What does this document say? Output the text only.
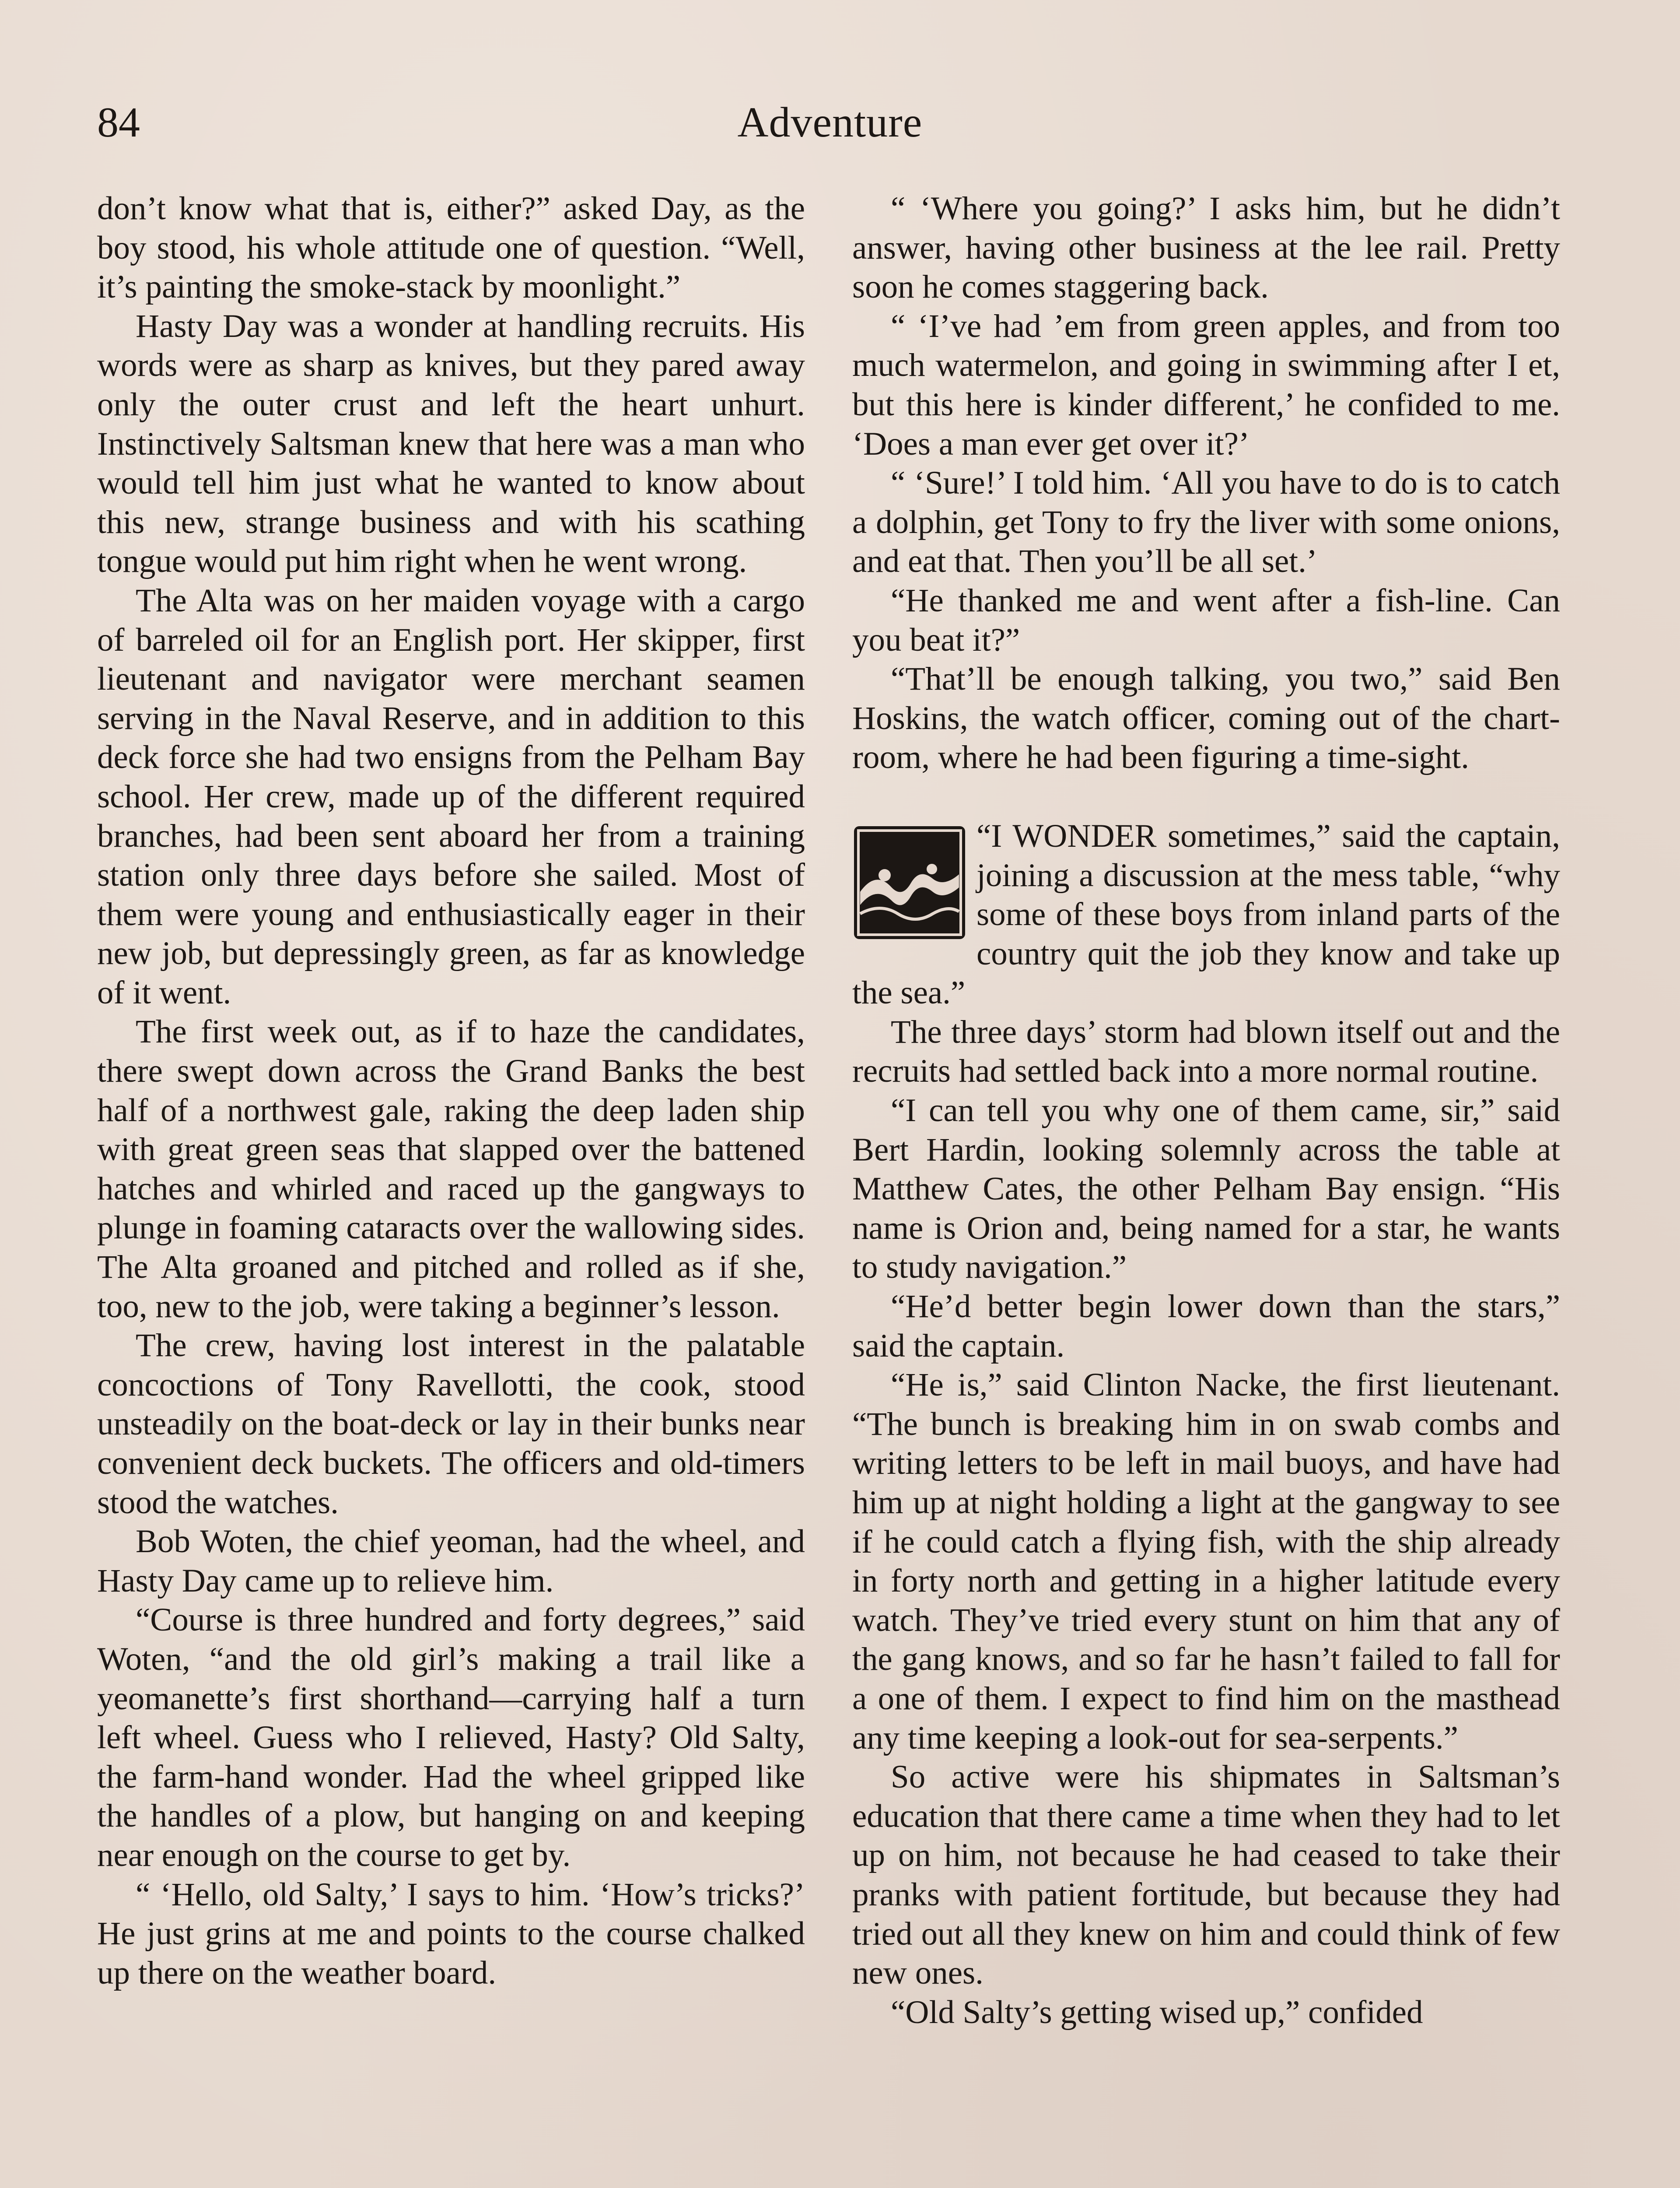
84	Adventure

don’t know what that is, either?” asked Day, as the boy stood, his whole attitude one of question. “Well, it’s painting the smoke-stack by moonlight.”

Hasty Day was a wonder at handling recruits. His words were as sharp as knives, but they pared away only the outer crust and left the heart unhurt. Instinctively Saltsman knew that here was a man who would tell him just what he wanted to know about this new, strange business and with his scathing tongue would put him right when he went wrong.

The Alta was on her maiden voyage with a cargo of barreled oil for an English port. Her skipper, first lieutenant and navigator were merchant seamen serving in the Naval Reserve, and in addition to this deck force she had two ensigns from the Pelham Bay school. Her crew, made up of the different required branches, had been sent aboard her from a training station only three days before she sailed. Most of them were young and enthusiastically eager in their new job, but depressingly green, as far as knowledge of it went.

The first week out, as if to haze the candidates, there swept down across the Grand Banks the best half of a northwest gale, raking the deep laden ship with great green seas that slapped over the battened hatches and whirled and raced up the gangways to plunge in foaming cataracts over the wallowing sides. The Alta groaned and pitched and rolled as if she, too, new to the job, were taking a beginner’s lesson.

The crew, having lost interest in the palatable concoctions of Tony Ravellotti, the cook, stood unsteadily on the boat-deck or lay in their bunks near convenient deck buckets. The officers and old-timers stood the watches.

Bob Woten, the chief yeoman, had the wheel, and Hasty Day came up to relieve him.

“Course is three hundred and forty degrees,” said Woten, “and the old girl’s making a trail like a yeomanette’s first shorthand—carrying half a turn left wheel. Guess who I relieved, Hasty? Old Salty, the farm-hand wonder. Had the wheel gripped like the handles of a plow, but hanging on and keeping near enough on the course to get by.

“ ‘Hello, old Salty,’ I says to him. ‘How’s tricks?’ He just grins at me and points to the course chalked up there on the weather board.

“ ‘Where you going?’ I asks him, but he didn’t answer, having other business at the lee rail. Pretty soon he comes staggering back.

“ ‘I’ve had ’em from green apples, and from too much watermelon, and going in swimming after I et, but this here is kinder different,’ he confided to me. ‘Does a man ever get over it?’

“ ‘Sure!’ I told him. ‘All you have to do is to catch a dolphin, get Tony to fry the liver with some onions, and eat that. Then you’ll be all set.’

“He thanked me and went after a fish-line. Can you beat it?”

“That’ll be enough talking, you two,” said Ben Hoskins, the watch officer, coming out of the chart-room, where he had been figuring a time-sight.

“I WONDER sometimes,” said the captain, joining a discussion at the mess table, “why some of these boys from inland parts of the country quit the job they know and take up the sea.”

The three days’ storm had blown itself out and the recruits had settled back into a more normal routine.

“I can tell you why one of them came, sir,” said Bert Hardin, looking solemnly across the table at Matthew Cates, the other Pelham Bay ensign. “His name is Orion and, being named for a star, he wants to study navigation.”

“He’d better begin lower down than the stars,” said the captain.

“He is,” said Clinton Nacke, the first lieutenant. “The bunch is breaking him in on swab combs and writing letters to be left in mail buoys, and have had him up at night holding a light at the gangway to see if he could catch a flying fish, with the ship already in forty north and getting in a higher latitude every watch. They’ve tried every stunt on him that any of the gang knows, and so far he hasn’t failed to fall for a one of them. I expect to find him on the masthead any time keeping a look-out for sea-serpents.”

So active were his shipmates in Saltsman’s education that there came a time when they had to let up on him, not because he had ceased to take their pranks with patient fortitude, but because they had tried out all they knew on him and could think of few new ones.

“Old Salty’s getting wised up,” confided
